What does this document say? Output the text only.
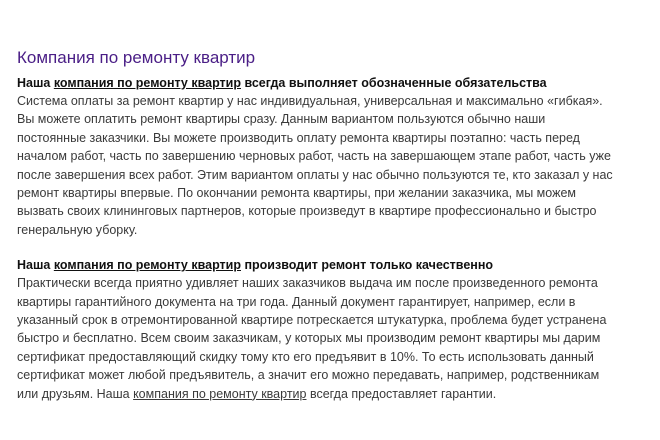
Компания по ремонту квартир
Наша компания по ремонту квартир всегда выполняет обозначенные обязательства
Система оплаты за ремонт квартир у нас индивидуальная, универсальная и максимально «гибкая».
Вы можете оплатить ремонт квартиры сразу. Данным вариантом пользуются обычно наши
постоянные заказчики. Вы можете производить оплату ремонта квартиры поэтапно: часть перед
началом работ, часть по завершению черновых работ, часть на завершающем этапе работ, часть уже
после завершения всех работ. Этим вариантом оплаты у нас обычно пользуются те, кто заказал у нас
ремонт квартиры впервые. По окончании ремонта квартиры, при желании заказчика, мы можем
вызвать своих клининговых партнеров, которые произведут в квартире профессионально и быстро
генеральную уборку.
Наша компания по ремонту квартир производит ремонт только качественно
Практически всегда приятно удивляет наших заказчиков выдача им после произведенного ремонта
квартиры гарантийного документа на три года. Данный документ гарантирует, например, если в
указанный срок в отремонтированной квартире потрескается штукатурка, проблема будет устранена
быстро и бесплатно. Всем своим заказчикам, у которых мы производим ремонт квартиры мы дарим
сертификат предоставляющий скидку тому кто его предъявит в 10%. То есть использовать данный
сертификат может любой предъявитель, а значит его можно передавать, например, родственникам
или друзьям. Наша компания по ремонту квартир всегда предоставляет гарантии.
